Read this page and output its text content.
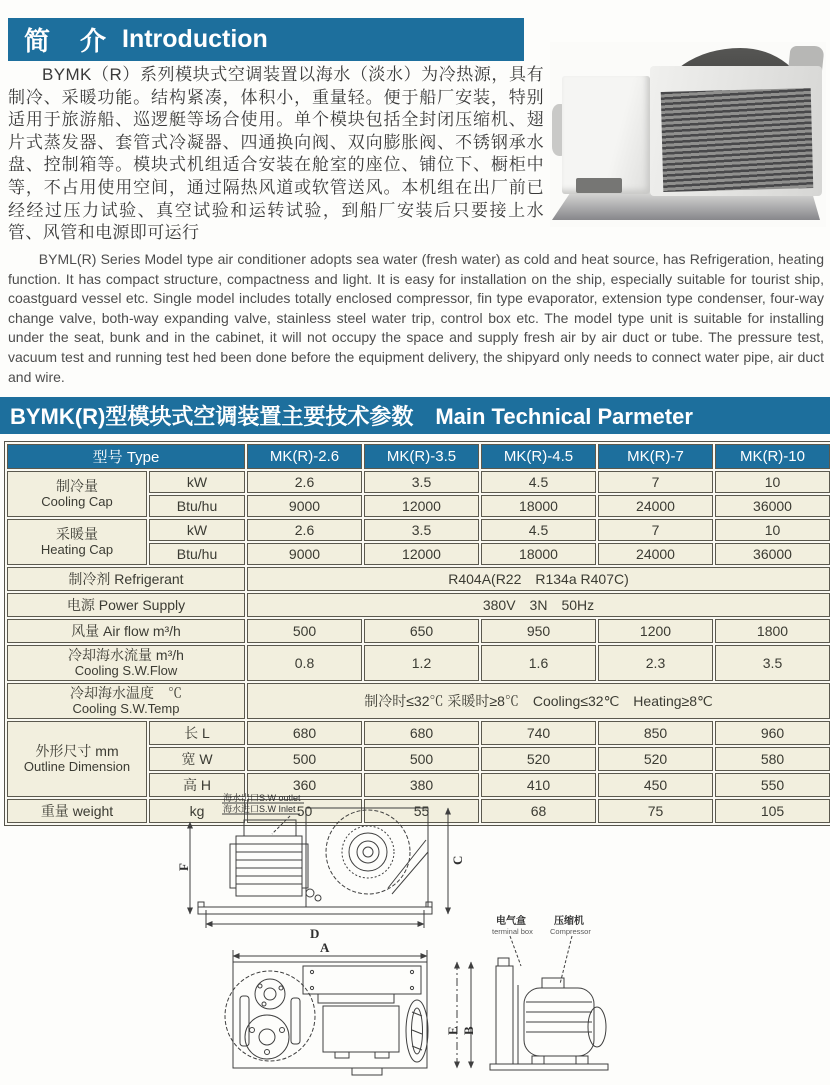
简　介 Introduction
BYMK（R）系列模块式空调装置以海水（淡水）为冷热源，具有制冷、采暖功能。结构紧凑，体积小，重量轻。便于船厂安装，特别适用于旅游船、巡逻艇等场合使用。单个模块包括全封闭压缩机、翅片式蒸发器、套管式冷凝器、四通换向阀、双向膨胀阀、不锈钢承水盘、控制箱等。模块式机组适合安装在舱室的座位、铺位下、橱柜中等，不占用使用空间，通过隔热风道或软管送风。本机组在出厂前已经经过压力试验、真空试验和运转试验，到船厂安装后只要接上水管、风管和电源即可运行
BYML(R) Series Model type air conditioner adopts sea water (fresh water) as cold and heat source, has Refrigeration, heating function. It has compact structure, compactness and light. It is easy for installation on the ship, especially suitable for tourist ship, coastguard vessel etc. Single model includes totally enclosed compressor, fin type evaporator, extension type condenser, four-way change valve, both-way expanding valve, stainless steel water trip, control box etc. The model type unit is suitable for installing under the seat, bunk and in the cabinet, it will not occupy the space and supply fresh air by air duct or tube. The pressure test, vacuum test and running test hed been done before the equipment delivery, the shipyard only needs to connect water pipe, air duct and wire.
BYMK(R)型模块式空调装置主要技术参数　Main Technical Parmeter
型号 Type		MK(R)-2.6	MK(R)-3.5	MK(R)-4.5	MK(R)-7	MK(R)-10

制冷量
Cooling Cap	kW	2.6	3.5	4.5	7	10
	Btu/hu	9000	12000	18000	24000	36000

采暖量
Heating Cap	kW	2.6	3.5	4.5	7	10
	Btu/hu	9000	12000	18000	24000	36000
制冷剂 Refrigerant		R404A(R22　R134a R407C)				
电源 Power Supply		380V　3N　50Hz				
风量 Air flow m³/h		500	650	950	1200	1800

冷却海水流量 m³/h
Cooling S.W.Flow		0.8	1.2	1.6	2.3	3.5

冷却海水温度　℃
Cooling S.W.Temp		制冷时≤32℃ 采暖时≥8℃　Cooling≤32℃　Heating≥8℃				

外形尺寸 mm
Outline Dimension	长 L	680	680	740	850	960
	宽 W	500	500	520	520	580
	高 H	360	380	410	450	550
重量 weight	kg	50	55	68	75	105
海水出口S.W outlet
海水进口S.W Inlet
F
C
D
A
E B
电气盒
terminal box
压缩机
Compressor
